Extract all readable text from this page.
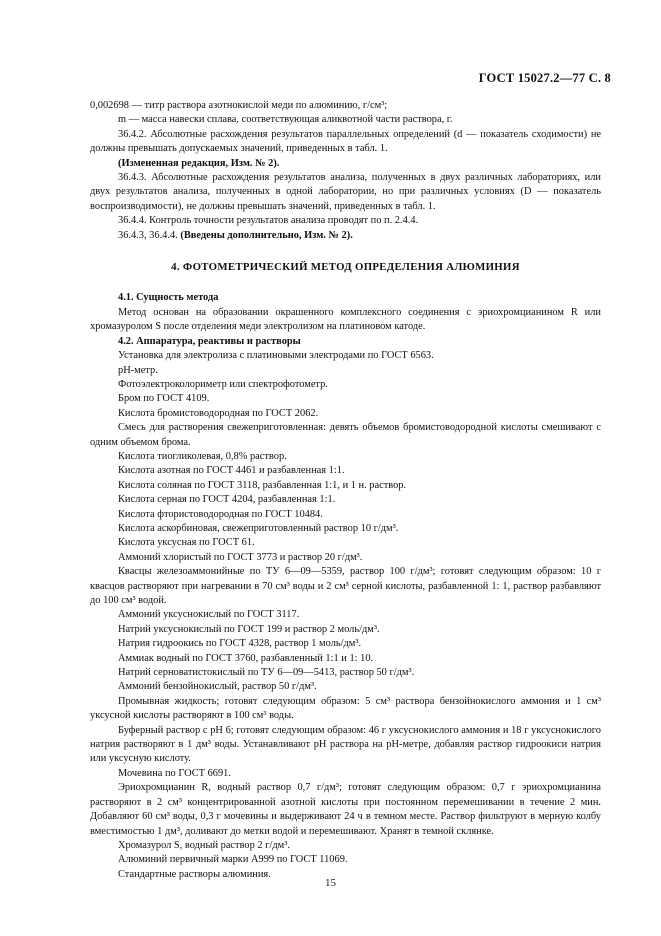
ГОСТ 15027.2—77 С. 8

0,002698 — титр раствора азотнокислой меди по алюминию, г/см³;

m — масса навески сплава, соответствующая аликвотной части раствора, г.

36.4.2. Абсолютные расхождения результатов параллельных определений (d — показатель сходимости) не должны превышать допускаемых значений, приведенных в табл. 1.

(Измененная редакция, Изм. № 2).

36.4.3. Абсолютные расхождения результатов анализа, полученных в двух различных лабораториях, или двух результатов анализа, полученных в одной лаборатории, но при различных условиях (D — показатель воспроизводимости), не должны превышать значений, приведенных в табл. 1.

36.4.4. Контроль точности результатов анализа проводят по п. 2.4.4.

36.4.3, 36.4.4. (Введены дополнительно, Изм. № 2).

4. ФОТОМЕТРИЧЕСКИЙ МЕТОД ОПРЕДЕЛЕНИЯ АЛЮМИНИЯ

4.1. Сущность метода

Метод основан на образовании окрашенного комплексного соединения с эриохромцианином R или хромазуролом S после отделения меди электролизом на платиновом катоде.

4.2. Аппаратура, реактивы и растворы

Установка для электролиза с платиновыми электродами по ГОСТ 6563.

pH-метр.

Фотоэлектроколориметр или спектрофотометр.

Бром по ГОСТ 4109.

Кислота бромистоводородная по ГОСТ 2062.

Смесь для растворения свежеприготовленная: девять объемов бромистоводородной кислоты смешивают с одним объемом брома.

Кислота тиогликолевая, 0,8% раствор.

Кислота азотная по ГОСТ 4461 и разбавленная 1:1.

Кислота соляная по ГОСТ 3118, разбавленная 1:1, и 1 н. раствор.

Кислота серная по ГОСТ 4204, разбавленная 1:1.

Кислота фтористоводородная по ГОСТ 10484.

Кислота аскорбиновая, свежеприготовленный раствор 10 г/дм³.

Кислота уксусная по ГОСТ 61.

Аммоний хлористый по ГОСТ 3773 и раствор 20 г/дм³.

Квасцы железоаммонийные по ТУ 6—09—5359, раствор 100 г/дм³; готовят следующим образом: 10 г квасцов растворяют при нагревании в 70 см³ воды и 2 см³ серной кислоты, разбавленной 1: 1, раствор разбавляют до 100 см³ водой.

Аммоний уксуснокислый по ГОСТ 3117.

Натрий уксуснокислый по ГОСТ 199 и раствор 2 моль/дм³.

Натрия гидроокись по ГОСТ 4328, раствор 1 моль/дм³.

Аммиак водный по ГОСТ 3760, разбавленный 1:1 и 1: 10.

Натрий серноватистокислый по ТУ 6—09—5413, раствор 50 г/дм³.

Аммоний бензойнокислый, раствор 50 г/дм³.

Промывная жидкость; готовят следующим образом: 5 см³ раствора бензойнокислого аммония и 1 см³ уксусной кислоты растворяют в 100 см³ воды.

Буферный раствор с pH 6; готовят следующим образом: 46 г уксуснокислого аммония и 18 г уксуснокислого натрия растворяют в 1 дм³ воды. Устанавливают pH раствора на pH-метре, добавляя раствор гидроокиси натрия или уксусную кислоту.

Мочевина по ГОСТ 6691.

Эриохромцианин R, водный раствор 0,7 г/дм³; готовят следующим образом: 0,7 г эриохромцианина растворяют в 2 см³ концентрированной азотной кислоты при постоянном перемешивании в течение 2 мин. Добавляют 60 см³ воды, 0,3 г мочевины и выдерживают 24 ч в темном месте. Раствор фильтруют в мерную колбу вместимостью 1 дм³, доливают до метки водой и перемешивают. Хранят в темной склянке.

Хромазурол S, водный раствор 2 г/дм³.

Алюминий первичный марки А999 по ГОСТ 11069.

Стандартные растворы алюминия.

15
